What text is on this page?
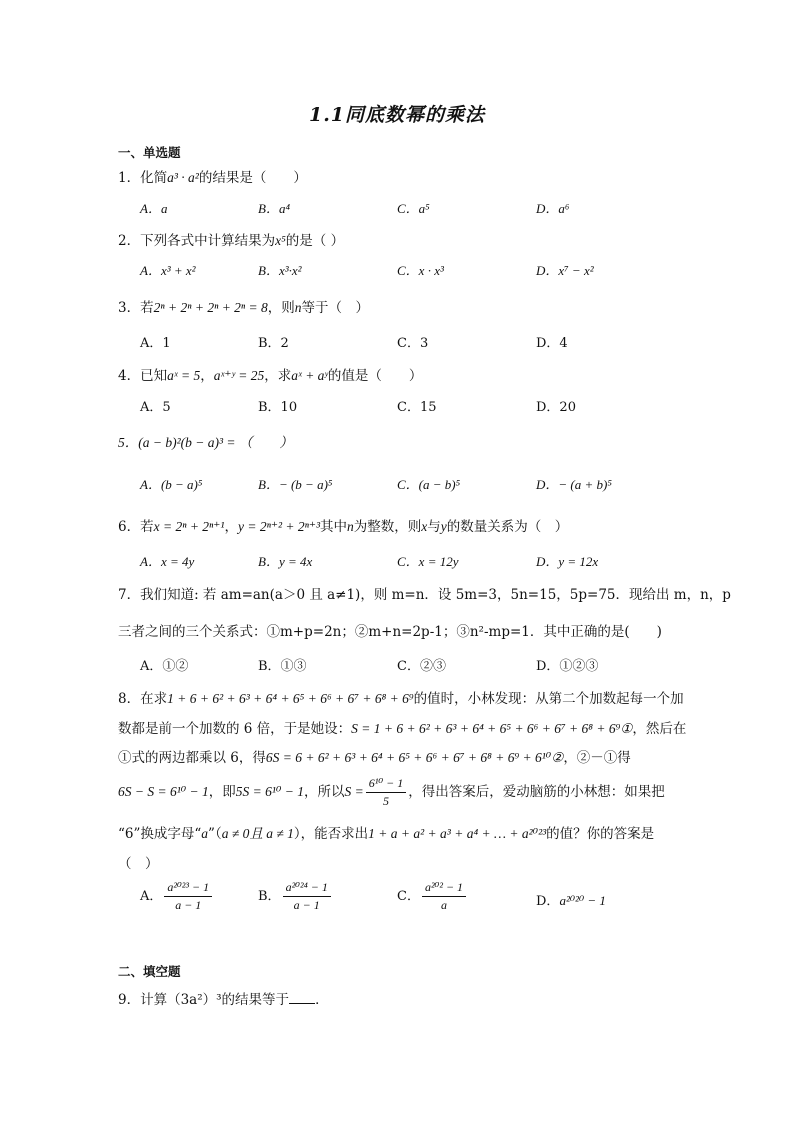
1.1同底数幂的乘法
一、单选题
1．化简a³ · a²的结果是（　　）
A．a	B．a⁴	C．a⁵	D．a⁶
2．下列各式中计算结果为x⁵的是（ ）
A．x³ + x²	B．x³·x²	C．x · x³	D．x⁷ − x²
3．若2ⁿ + 2ⁿ + 2ⁿ + 2ⁿ = 8，则n等于（　）
A．1	B．2	C．3	D．4
4．已知aˣ = 5，aˣ⁺ʸ = 25，求aˣ + aʸ的值是（　　）
A．5	B．10	C．15	D．20
5．(a − b)²(b − a)³ = （　　）
A．(b − a)⁵	B．− (b − a)⁵	C．(a − b)⁵	D．− (a + b)⁵
6．若x = 2ⁿ + 2ⁿ⁺¹，y = 2ⁿ⁺² + 2ⁿ⁺³其中n为整数，则x与y的数量关系为（　）
A．x = 4y	B．y = 4x	C．x = 12y	D．y = 12x
7．我们知道: 若 am=an(a＞0 且 a≠1)，则 m=n．设 5m=3，5n=15，5p=75．现给出 m，n，p
三者之间的三个关系式：①m+p=2n；②m+n=2p-1；③n²-mp=1．其中正确的是(　　)
A．①②	B．①③	C．②③	D．①②③
8．在求1 + 6 + 6² + 6³ + 6⁴ + 6⁵ + 6⁶ + 6⁷ + 6⁸ + 6⁹的值时，小林发现：从第二个加数起每一个加
数都是前一个加数的 6 倍，于是她设：S = 1 + 6 + 6² + 6³ + 6⁴ + 6⁵ + 6⁶ + 6⁷ + 6⁸ + 6⁹①，然后在
①式的两边都乘以 6，得6S = 6 + 6² + 6³ + 6⁴ + 6⁵ + 6⁶ + 6⁷ + 6⁸ + 6⁹ + 6¹⁰②，②－①得
6S − S = 6¹⁰ − 1，即5S = 6¹⁰ − 1，所以$S = \frac{\text{6¹⁰ − 1}}{5}$ ，得出答案后，爱动脑筋的小林想：如果把
“6”换成字母“a”（a ≠ 0且 a ≠ 1），能否求出1 + a + a² + a³ + a⁴ + … + a²⁰²³的值？你的答案是
（　）
A． $\frac{\text{a²⁰²³ − 1}}{a - 1}$	B． $\frac{\text{a²⁰²⁴ − 1}}{a - 1}$	C． $\frac{\text{a²⁰² − 1}}{a}$	D．a²⁰²⁰ − 1
二、填空题
9．计算（3a²）³的结果等于 ．
